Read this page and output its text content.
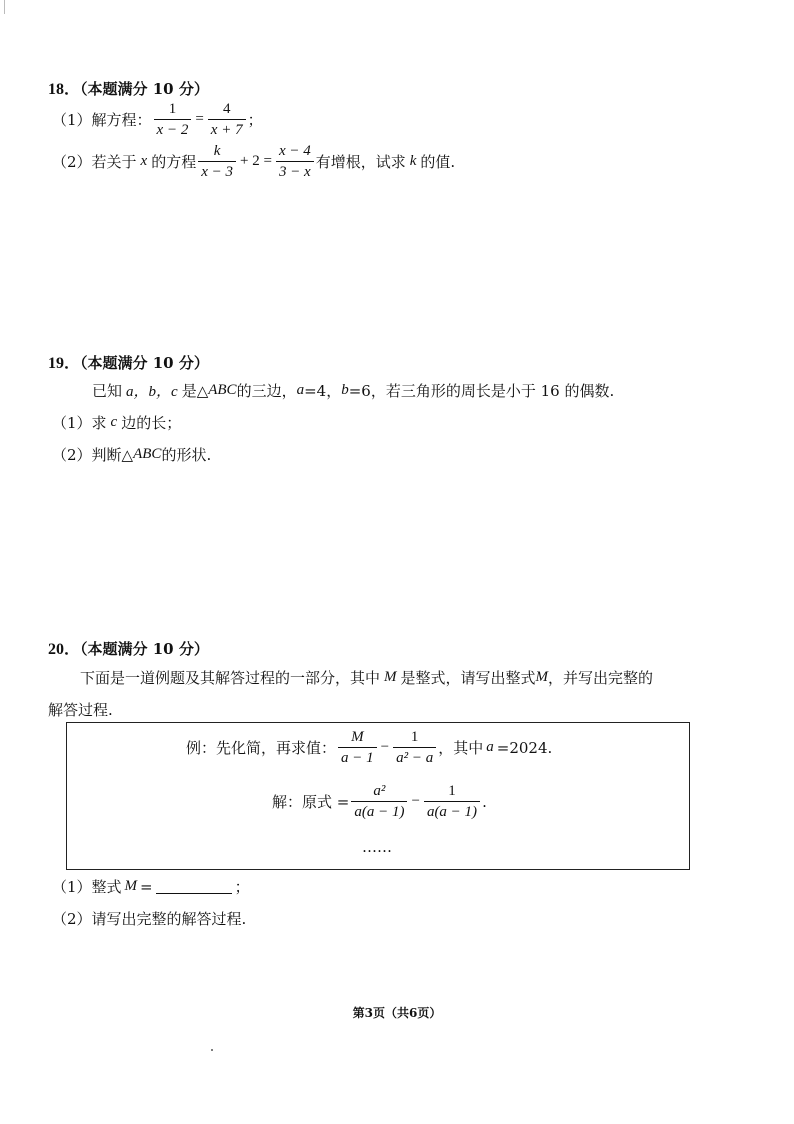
18．（本题满分 10 分）
（1）解方程： $\frac{1}{x - 2} = \frac{4}{x + 7}$ ；
（2）若关于 x 的方程 $\frac{k}{x - 3} + 2 = \frac{x - 4}{3 - x}$ 有增根，试求 k 的值.
19．（本题满分 10 分）
已知 a，b，c 是△ ABC 的三边， a =4， b =6，若三角形的周长是小于 16 的偶数.
（1）求 c 边的长；
（2）判断△ ABC 的形状.
20．（本题满分 10 分）
下面是一道例题及其解答过程的一部分，其中 M 是整式，请写出整式 M ，并写出完整的
解答过程.
例：先化简，再求值： $\frac{M}{a - 1} - \frac{1}{\text{a² − a}}$ ，其中 a =2024.
解：原式 = $\frac{\text{a²}}{a(a - 1)} - \frac{1}{a(a - 1)}$ .
……
（1）整式 M =	；
（2）请写出完整的解答过程.
第3页（共6页）
